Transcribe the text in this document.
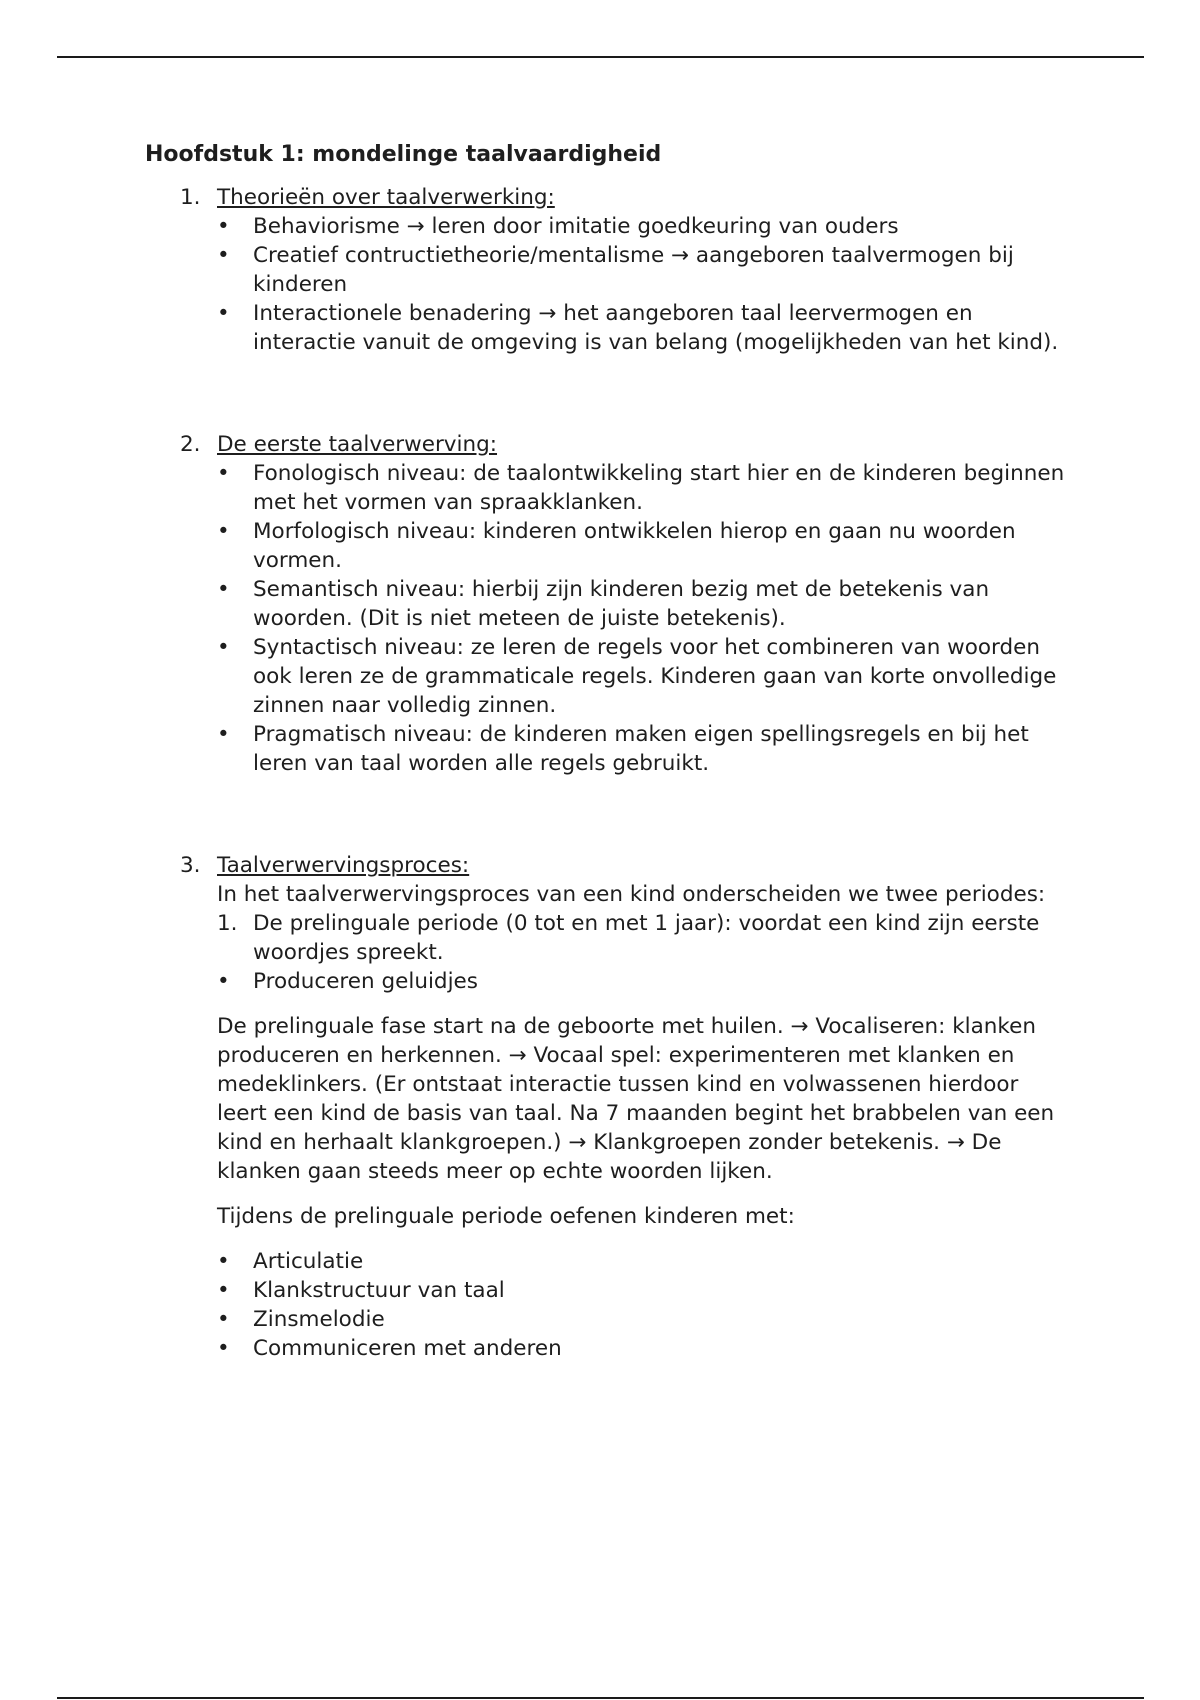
Hoofdstuk 1: mondelinge taalvaardigheid
1. Theorieën over taalverwerking:
• Behaviorisme → leren door imitatie goedkeuring van ouders
• Creatief contructietheorie/mentalisme → aangeboren taalvermogen bij kinderen
• Interactionele benadering → het aangeboren taal leervermogen en interactie vanuit de omgeving is van belang (mogelijkheden van het kind).
2. De eerste taalverwerving:
• Fonologisch niveau: de taalontwikkeling start hier en de kinderen beginnen met het vormen van spraakklanken.
• Morfologisch niveau: kinderen ontwikkelen hierop en gaan nu woorden vormen.
• Semantisch niveau: hierbij zijn kinderen bezig met de betekenis van woorden. (Dit is niet meteen de juiste betekenis).
• Syntactisch niveau: ze leren de regels voor het combineren van woorden ook leren ze de grammaticale regels. Kinderen gaan van korte onvolledige zinnen naar volledig zinnen.
• Pragmatisch niveau: de kinderen maken eigen spellingsregels en bij het leren van taal worden alle regels gebruikt.
3. Taalverwervingsproces:

In het taalverwervingsproces van een kind onderscheiden we twee periodes:

1. De prelinguale periode (0 tot en met 1 jaar): voordat een kind zijn eerste woordjes spreekt.
• Produceren geluidjes

De prelinguale fase start na de geboorte met huilen. → Vocaliseren: klanken produceren en herkennen. → Vocaal spel: experimenteren met klanken en medeklinkers. (Er ontstaat interactie tussen kind en volwassenen hierdoor leert een kind de basis van taal. Na 7 maanden begint het brabbelen van een kind en herhaalt klankgroepen.) → Klankgroepen zonder betekenis. → De klanken gaan steeds meer op echte woorden lijken.

Tijdens de prelinguale periode oefenen kinderen met:

• Articulatie
• Klankstructuur van taal
• Zinsmelodie
• Communiceren met anderen
